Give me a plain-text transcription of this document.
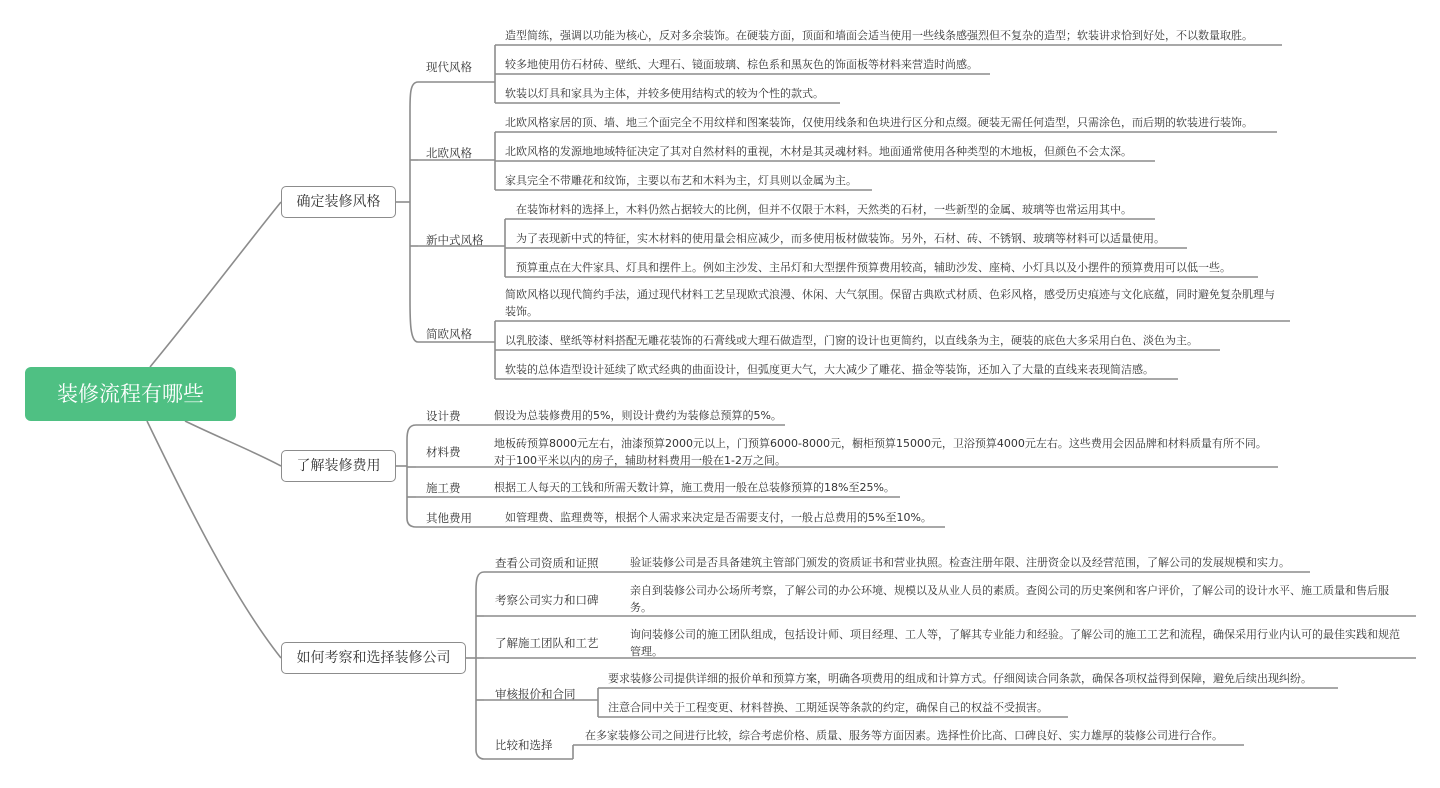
装修流程有哪些
确定装修风格
了解装修费用
如何考察和选择装修公司
现代风格
北欧风格
新中式风格
简欧风格
造型简练，强调以功能为核心，反对多余装饰。在硬装方面，顶面和墙面会适当使用一些线条感强烈但不复杂的造型；软装讲求恰到好处，不以数量取胜。
较多地使用仿石材砖、壁纸、大理石、镜面玻璃、棕色系和黑灰色的饰面板等材料来营造时尚感。
软装以灯具和家具为主体，并较多使用结构式的较为个性的款式。
北欧风格家居的顶、墙、地三个面完全不用纹样和图案装饰，仅使用线条和色块进行区分和点缀。硬装无需任何造型，只需涂色，而后期的软装进行装饰。
北欧风格的发源地地域特征决定了其对自然材料的重视，木材是其灵魂材料。地面通常使用各种类型的木地板，但颜色不会太深。
家具完全不带雕花和纹饰，主要以布艺和木料为主，灯具则以金属为主。
在装饰材料的选择上，木料仍然占据较大的比例，但并不仅限于木料，天然类的石材，一些新型的金属、玻璃等也常运用其中。
为了表现新中式的特征，实木材料的使用量会相应减少，而多使用板材做装饰。另外，石材、砖、不锈钢、玻璃等材料可以适量使用。
预算重点在大件家具、灯具和摆件上。例如主沙发、主吊灯和大型摆件预算费用较高，辅助沙发、座椅、小灯具以及小摆件的预算费用可以低一些。
简欧风格以现代简约手法，通过现代材料工艺呈现欧式浪漫、休闲、大气氛围。保留古典欧式材质、色彩风格，感受历史痕迹与文化底蕴，同时避免复杂肌理与装饰。
以乳胶漆、壁纸等材料搭配无雕花装饰的石膏线或大理石做造型，门窗的设计也更简约，以直线条为主，硬装的底色大多采用白色、淡色为主。
软装的总体造型设计延续了欧式经典的曲面设计，但弧度更大气，大大减少了雕花、描金等装饰，还加入了大量的直线来表现简洁感。
设计费
材料费
施工费
其他费用
假设为总装修费用的5%，则设计费约为装修总预算的5%。
地板砖预算8000元左右，油漆预算2000元以上，门预算6000-8000元，橱柜预算15000元，卫浴预算4000元左右。这些费用会因品牌和材料质量有所不同。对于100平米以内的房子，辅助材料费用一般在1-2万之间。
根据工人每天的工钱和所需天数计算，施工费用一般在总装修预算的18%至25%。
如管理费、监理费等，根据个人需求来决定是否需要支付，一般占总费用的5%至10%。
查看公司资质和证照
考察公司实力和口碑
了解施工团队和工艺
审核报价和合同
比较和选择
验证装修公司是否具备建筑主管部门颁发的资质证书和营业执照。检查注册年限、注册资金以及经营范围，了解公司的发展规模和实力。
亲自到装修公司办公场所考察，了解公司的办公环境、规模以及从业人员的素质。查阅公司的历史案例和客户评价，了解公司的设计水平、施工质量和售后服务。
询问装修公司的施工团队组成，包括设计师、项目经理、工人等，了解其专业能力和经验。了解公司的施工工艺和流程，确保采用行业内认可的最佳实践和规范管理。
要求装修公司提供详细的报价单和预算方案，明确各项费用的组成和计算方式。仔细阅读合同条款，确保各项权益得到保障，避免后续出现纠纷。
注意合同中关于工程变更、材料替换、工期延误等条款的约定，确保自己的权益不受损害。
在多家装修公司之间进行比较，综合考虑价格、质量、服务等方面因素。选择性价比高、口碑良好、实力雄厚的装修公司进行合作。
